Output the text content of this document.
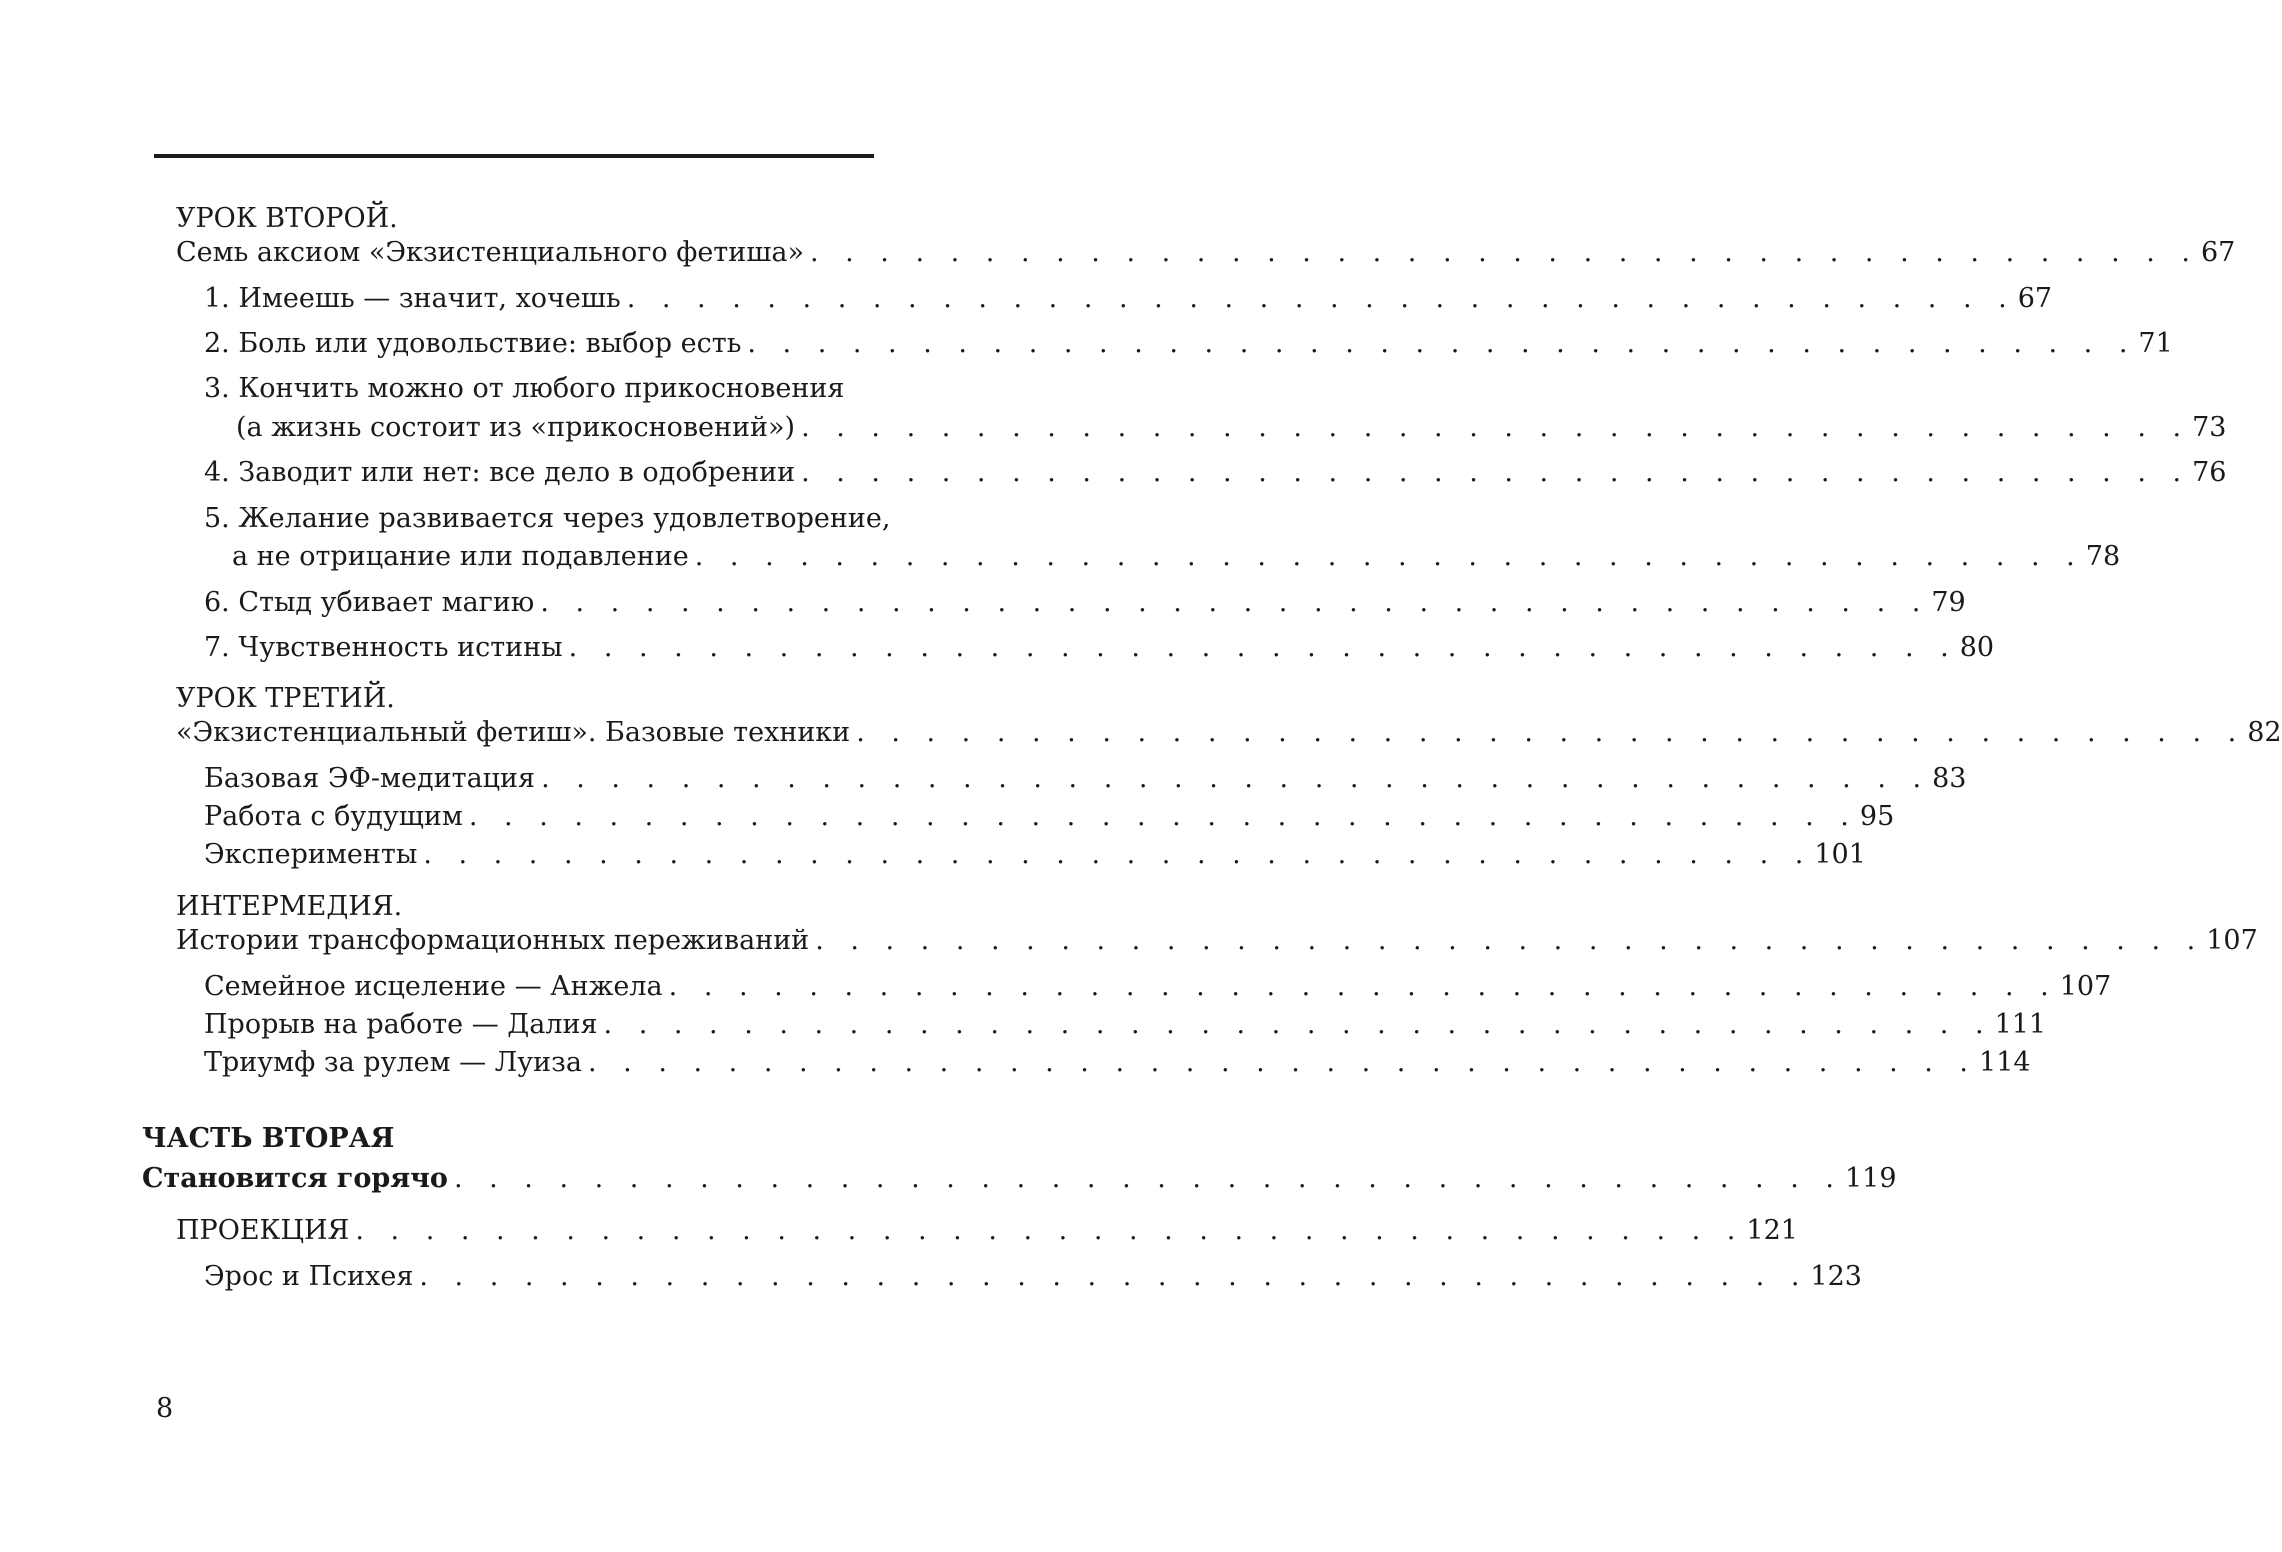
УРОК ВТОРОЙ.
Семь аксиом «Экзистенциального фетиша» . . . . . . . . . . . . . . . . . . . . . . . . . . . . . . . . . . . . . . . . 67
1. Имеешь — значит, хочешь . . . . . . . . . . . . . . . . . . . . . . . . . . . . . . . . . . . . . . . . 67
2. Боль или удовольствие: выбор есть . . . . . . . . . . . . . . . . . . . . . . . . . . . . . . . . . . . . . . . . 71
3. Кончить можно от любого прикосновения
(а жизнь состоит из «прикосновений») . . . . . . . . . . . . . . . . . . . . . . . . . . . . . . . . . . . . . . . . 73
4. Заводит или нет: все дело в одобрении . . . . . . . . . . . . . . . . . . . . . . . . . . . . . . . . . . . . . . . . 76
5. Желание развивается через удовлетворение,
а не отрицание или подавление . . . . . . . . . . . . . . . . . . . . . . . . . . . . . . . . . . . . . . . . 78
6. Стыд убивает магию . . . . . . . . . . . . . . . . . . . . . . . . . . . . . . . . . . . . . . . . 79
7. Чувственность истины . . . . . . . . . . . . . . . . . . . . . . . . . . . . . . . . . . . . . . . . 80
УРОК ТРЕТИЙ.
«Экзистенциальный фетиш». Базовые техники . . . . . . . . . . . . . . . . . . . . . . . . . . . . . . . . . . . . . . . . 82
Базовая ЭФ-медитация . . . . . . . . . . . . . . . . . . . . . . . . . . . . . . . . . . . . . . . . 83
Работа с будущим . . . . . . . . . . . . . . . . . . . . . . . . . . . . . . . . . . . . . . . . 95
Эксперименты . . . . . . . . . . . . . . . . . . . . . . . . . . . . . . . . . . . . . . . . 101
ИНТЕРМЕДИЯ.
Истории трансформационных переживаний . . . . . . . . . . . . . . . . . . . . . . . . . . . . . . . . . . . . . . . . 107
Семейное исцеление — Анжела . . . . . . . . . . . . . . . . . . . . . . . . . . . . . . . . . . . . . . . . 107
Прорыв на работе — Далия . . . . . . . . . . . . . . . . . . . . . . . . . . . . . . . . . . . . . . . . 111
Триумф за рулем — Луиза . . . . . . . . . . . . . . . . . . . . . . . . . . . . . . . . . . . . . . . . 114
ЧАСТЬ ВТОРАЯ
Становится горячо . . . . . . . . . . . . . . . . . . . . . . . . . . . . . . . . . . . . . . . . 119
ПРОЕКЦИЯ . . . . . . . . . . . . . . . . . . . . . . . . . . . . . . . . . . . . . . . . 121
Эрос и Психея . . . . . . . . . . . . . . . . . . . . . . . . . . . . . . . . . . . . . . . . 123
8
